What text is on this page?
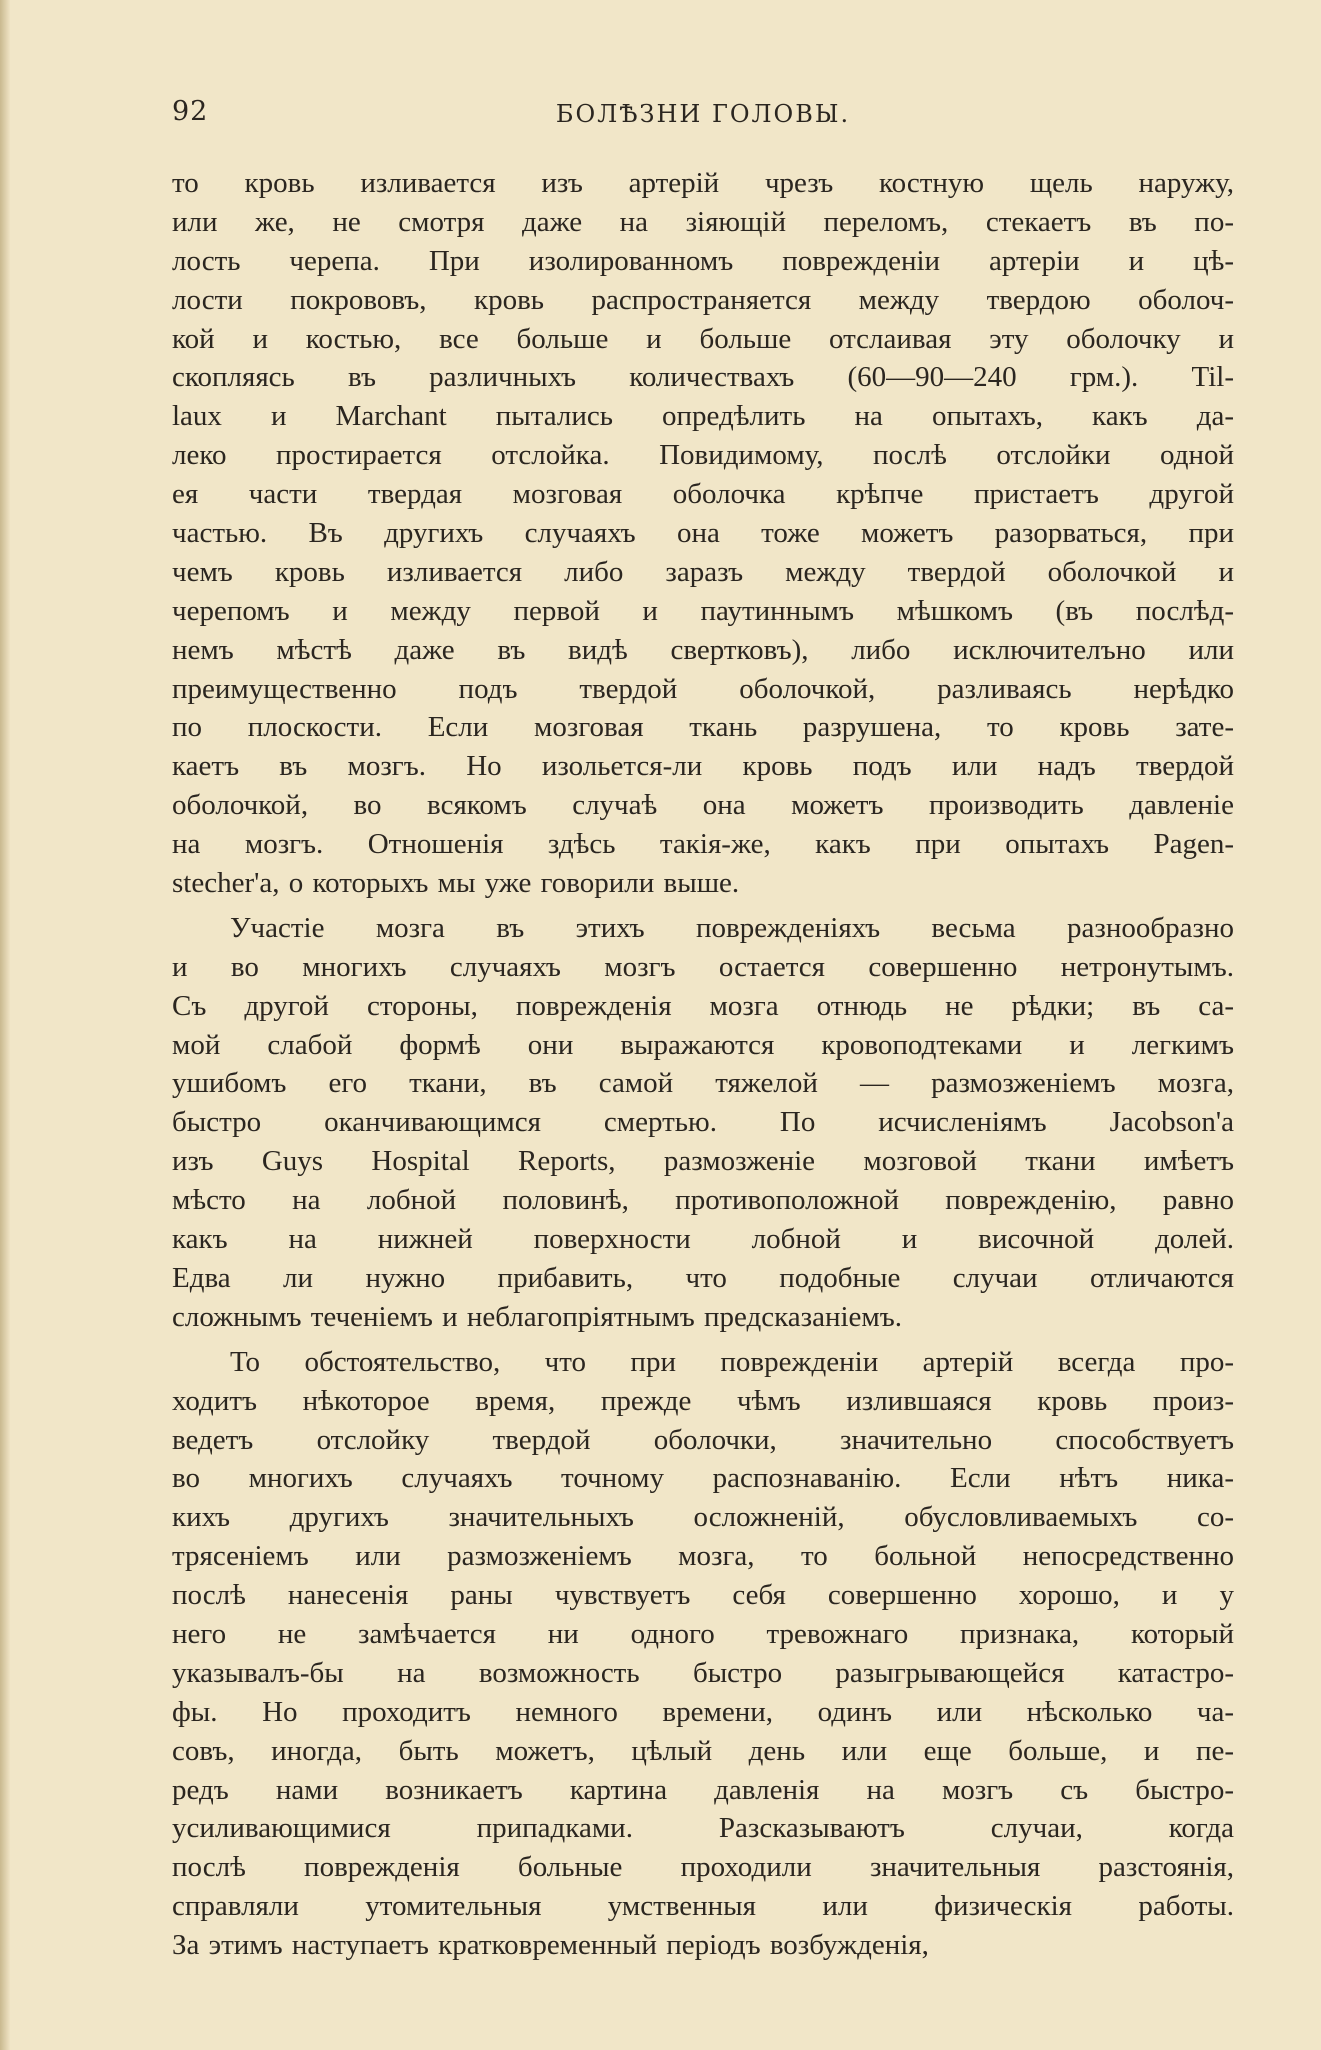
92	БОЛѢЗНИ ГОЛОВЫ.
то кровь изливается изъ артерій чрезъ костную щель наружу,
или же, не смотря даже на зіяющій переломъ, стекаетъ въ по-
лость черепа. При изолированномъ поврежденіи артеріи и цѣ-
лости покрововъ, кровь распространяется между твердою оболоч-
кой и костью, все больше и больше отслаивая эту оболочку и
скопляясь въ различныхъ количествахъ (60—90—240 грм.). Til-
laux и Marchant пытались опредѣлить на опытахъ, какъ да-
леко простирается отслойка. Повидимому, послѣ отслойки одной
ея части твердая мозговая оболочка крѣпче пристаетъ другой
частью. Въ другихъ случаяхъ она тоже можетъ разорваться, при
чемъ кровь изливается либо заразъ между твердой оболочкой и
черепомъ и между первой и паутиннымъ мѣшкомъ (въ послѣд-
немъ мѣстѣ даже въ видѣ свертковъ), либо исключителъно или
преимущественно подъ твердой оболочкой, разливаясь нерѣдко
по плоскости. Если мозговая ткань разрушена, то кровь зате-
каетъ въ мозгъ. Но изольется-ли кровь подъ или надъ твердой
оболочкой, во всякомъ случаѣ она можетъ производить давленіе
на мозгъ. Отношенія здѣсь такія-же, какъ при опытахъ Pagen-
stecher'а, о которыхъ мы уже говорили выше.
Участіе мозга въ этихъ поврежденіяхъ весьма разнообразно
и во многихъ случаяхъ мозгъ остается совершенно нетронутымъ.
Съ другой стороны, поврежденія мозга отнюдь не рѣдки; въ са-
мой слабой формѣ они выражаются кровоподтеками и легкимъ
ушибомъ его ткани, въ самой тяжелой — размозженіемъ мозга,
быстро оканчивающимся смертью. По исчисленіямъ Jacobson'а
изъ Guys Hospital Reports, размозженіе мозговой ткани имѣетъ
мѣсто на лобной половинѣ, противоположной поврежденію, равно
какъ на нижней поверхности лобной и височной долей.
Едва ли нужно прибавить, что подобные случаи отличаются
сложнымъ теченіемъ и неблагопріятнымъ предсказаніемъ.
То обстоятельство, что при поврежденіи артерій всегда про-
ходитъ нѣкоторое время, прежде чѣмъ излившаяся кровь произ-
ведетъ отслойку твердой оболочки, значительно способствуетъ
во многихъ случаяхъ точному распознаванію. Если нѣтъ ника-
кихъ другихъ значительныхъ осложненій, обусловливаемыхъ со-
трясеніемъ или размозженіемъ мозга, то больной непосредственно
послѣ нанесенія раны чувствуетъ себя совершенно хорошо, и у
него не замѣчается ни одного тревожнаго признака, который
указывалъ-бы на возможность быстро разыгрывающейся катастро-
фы. Но проходитъ немного времени, одинъ или нѣсколько ча-
совъ, иногда, быть можетъ, цѣлый день или еще больше, и пе-
редъ нами возникаетъ картина давленія на мозгъ съ быстро-
усиливающимися припадками. Разсказываютъ случаи, когда
послѣ поврежденія больные проходили значительныя разстоянія,
справляли утомительныя умственныя или физическія работы.
За этимъ наступаетъ кратковременный періодъ возбужденія,
